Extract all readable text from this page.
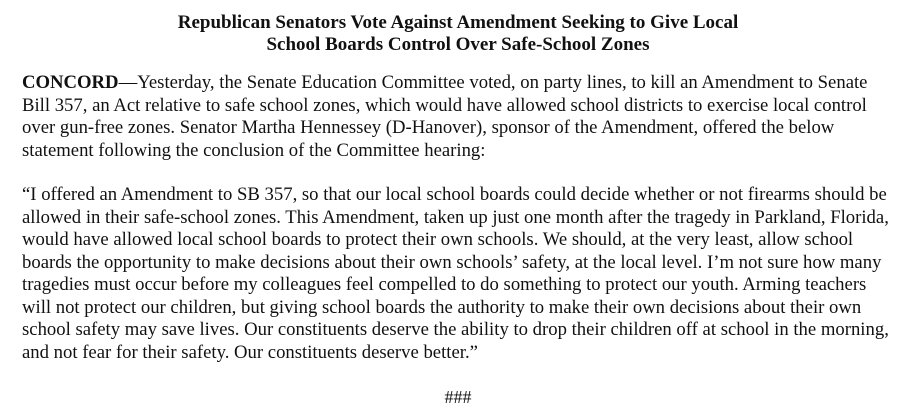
Republican Senators Vote Against Amendment Seeking to Give Local
School Boards Control Over Safe-School Zones

CONCORD—Yesterday, the Senate Education Committee voted, on party lines, to kill an Amendment to Senate Bill 357, an Act relative to safe school zones, which would have allowed school districts to exercise local control over gun-free zones. Senator Martha Hennessey (D-Hanover), sponsor of the Amendment, offered the below statement following the conclusion of the Committee hearing:

“I offered an Amendment to SB 357, so that our local school boards could decide whether or not firearms should be allowed in their safe-school zones. This Amendment, taken up just one month after the tragedy in Parkland, Florida, would have allowed local school boards to protect their own schools. We should, at the very least, allow school boards the opportunity to make decisions about their own schools’ safety, at the local level. I’m not sure how many tragedies must occur before my colleagues feel compelled to do something to protect our youth. Arming teachers will not protect our children, but giving school boards the authority to make their own decisions about their own school safety may save lives. Our constituents deserve the ability to drop their children off at school in the morning, and not fear for their safety. Our constituents deserve better.”

###
